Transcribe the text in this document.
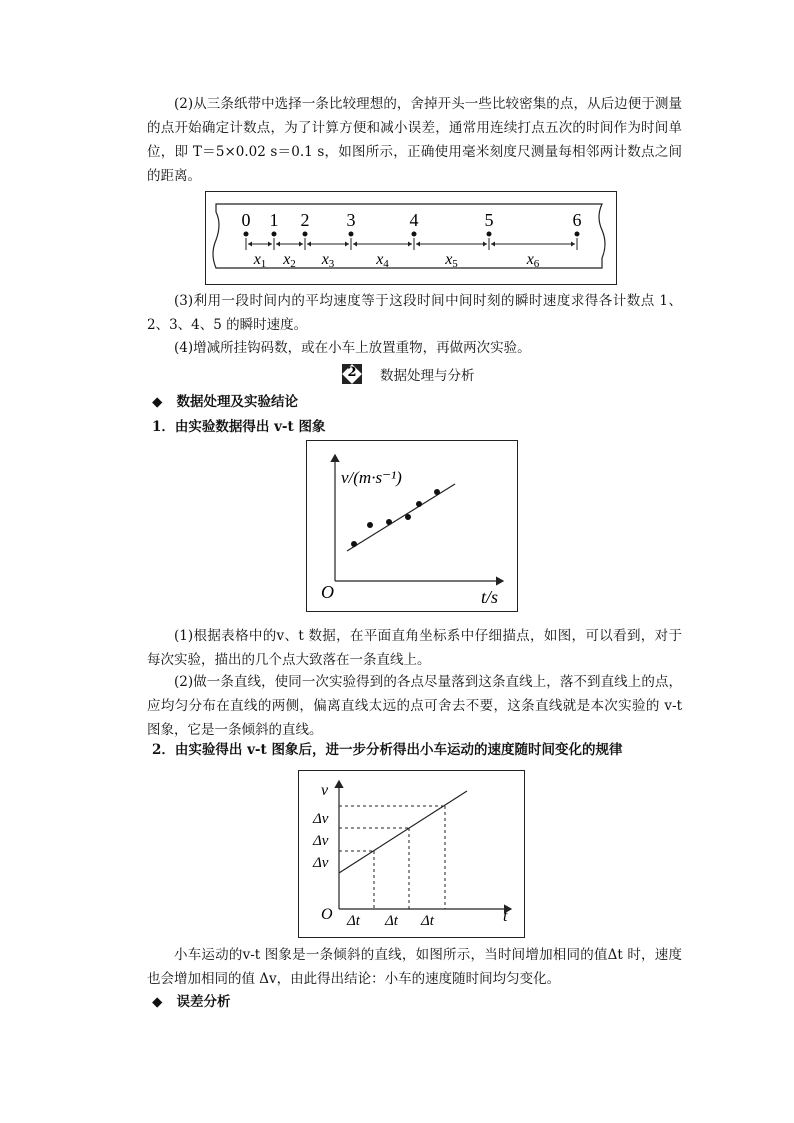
(2)从三条纸带中选择一条比较理想的，舍掉开头一些比较密集的点，从后边便于测量的点开始确定计数点，为了计算方便和减小误差，通常用连续打点五次的时间作为时间单位，即 T＝5×0.02 s＝0.1 s，如图所示，正确使用毫米刻度尺测量每相邻两计数点之间的距离。
0 1 2 3	4	5	6
x1 x2 x3	x4	x5	x6
(3)利用一段时间内的平均速度等于这段时间中间时刻的瞬时速度求得各计数点 1、2、3、4、5 的瞬时速度。
(4)增减所挂钩码数，或在小车上放置重物，再做两次实验。
2	数据处理与分析
◆ 数据处理及实验结论
1．由实验数据得出 v-t 图象
v/(m·s⁻¹)
O	t/s
(1)根据表格中的v、t 数据，在平面直角坐标系中仔细描点，如图，可以看到，对于每次实验，描出的几个点大致落在一条直线上。
(2)做一条直线，使同一次实验得到的各点尽量落到这条直线上，落不到直线上的点，应均匀分布在直线的两侧，偏离直线太远的点可舍去不要，这条直线就是本次实验的 v-t 图象，它是一条倾斜的直线。
2．由实验得出 v-t 图象后，进一步分析得出小车运动的速度随时间变化的规律
v
O	t
Δv
Δv
Δv
Δt Δt Δt
小车运动的v-t 图象是一条倾斜的直线，如图所示，当时间增加相同的值Δt 时，速度也会增加相同的值 Δv，由此得出结论：小车的速度随时间均匀变化。
◆ 误差分析
